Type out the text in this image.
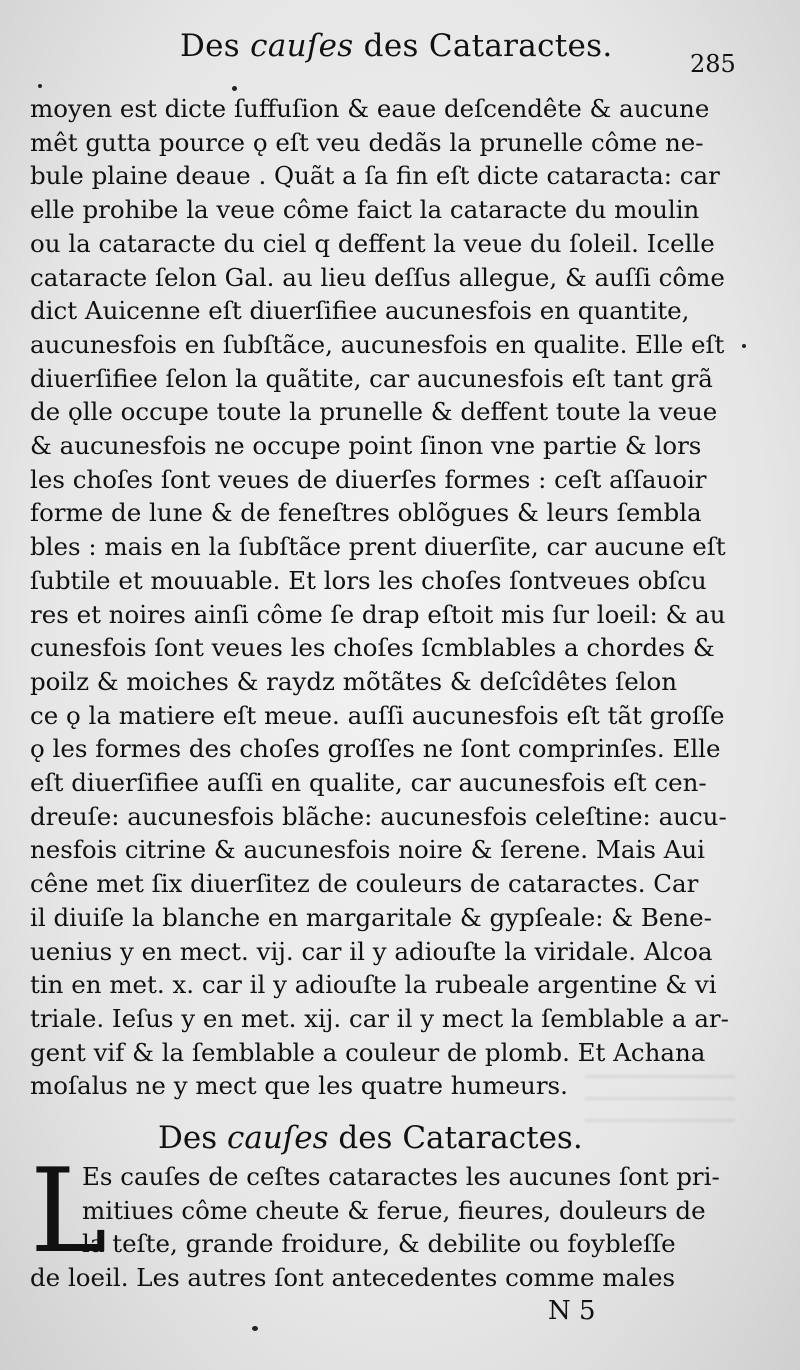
Des cauſes des Cataractes.	285
moyen est dicte ſuffuſion & eaue deſcendête & aucune
mêt gutta pource ǫ eſt veu dedãs la prunelle côme ne-
bule plaine deaue . Quãt a ſa fin eſt dicte cataracta: car
elle prohibe la veue côme faict la cataracte du moulin
ou la cataracte du ciel q deffent la veue du ſoleil. Icelle
cataracte ſelon Gal. au lieu deſſus allegue, & auſſi côme
dict Auicenne eſt diuerſifiee aucunesfois en quantite,
aucunesfois en ſubſtãce, aucunesfois en qualite. Elle eſt
diuerſifiee ſelon la quãtite, car aucunesfois eſt tant grã
de ǫlle occupe toute la prunelle & deffent toute la veue
& aucunesfois ne occupe point ſinon vne partie & lors
les choſes ſont veues de diuerſes formes : ceſt aſſauoir
forme de lune & de feneſtres oblõgues & leurs ſembla
bles : mais en la ſubſtãce prent diuerſite, car aucune eſt
ſubtile et mouuable. Et lors les choſes ſontveues obſcu
res et noires ainſi côme ſe drap eſtoit mis ſur loeil: & au
cunesfois ſont veues les choſes ſcmblables a chordes &
poilz & moiches & raydz mõtãtes & deſcîdêtes ſelon
ce ǫ la matiere eſt meue. auſſi aucunesfois eſt tãt groſſe
ǫ les formes des choſes groſſes ne ſont comprinſes. Elle
eſt diuerſifiee auſſi en qualite, car aucunesfois eſt cen-
dreuſe: aucunesfois blãche: aucunesfois celeſtine: aucu-
nesfois citrine & aucunesfois noire & ſerene. Mais Aui
cêne met ſix diuerſitez de couleurs de cataractes. Car
il diuiſe la blanche en margaritale & gypſeale: & Bene-
uenius y en mect. vij. car il y adiouſte la viridale. Alcoa
tin en met. x. car il y adiouſte la rubeale argentine & vi
triale. Ieſus y en met. xij. car il y mect la ſemblable a ar-
gent vif & la ſemblable a couleur de plomb. Et Achana
moſalus ne y mect que les quatre humeurs.
Des cauſes des Cataractes.
L
Es cauſes de ceſtes cataractes les aucunes ſont pri-
mitiues côme cheute & ferue, fieures, douleurs de
la teſte, grande froidure, & debilite ou foybleſſe
de loeil. Les autres ſont antecedentes comme males
N 5
